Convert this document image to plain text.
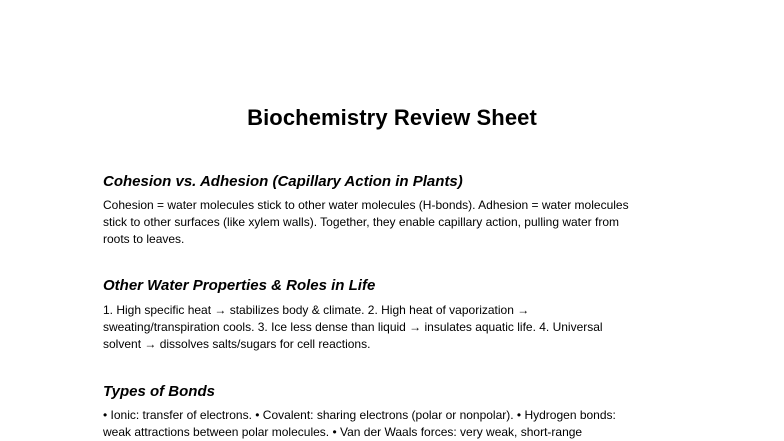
Biochemistry Review Sheet
Cohesion vs. Adhesion (Capillary Action in Plants)
Cohesion = water molecules stick to other water molecules (H-bonds). Adhesion = water molecules
stick to other surfaces (like xylem walls). Together, they enable capillary action, pulling water from
roots to leaves.
Other Water Properties & Roles in Life
1. High specific heat → stabilizes body & climate. 2. High heat of vaporization →
sweating/transpiration cools. 3. Ice less dense than liquid → insulates aquatic life. 4. Universal
solvent → dissolves salts/sugars for cell reactions.
Types of Bonds
• Ionic: transfer of electrons. • Covalent: sharing electrons (polar or nonpolar). • Hydrogen bonds:
weak attractions between polar molecules. • Van der Waals forces: very weak, short-range
